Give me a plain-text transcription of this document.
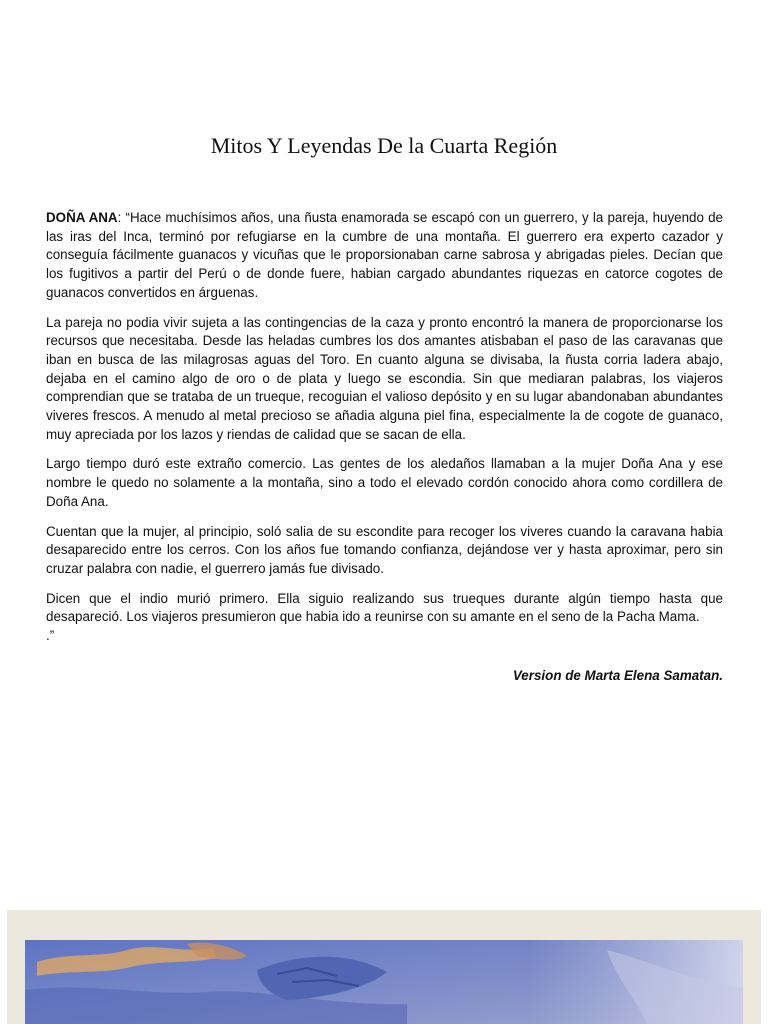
Mitos Y Leyendas De la Cuarta Región

DOÑA ANA: “Hace muchísimos años, una ñusta enamorada se escapó con un guerrero, y la pareja, huyendo de las iras del Inca, terminó por refugiarse en la cumbre de una montaña. El guerrero era experto cazador y conseguía fácilmente guanacos y vicuñas que le proporsionaban carne sabrosa y abrigadas pieles. Decían que los fugitivos a partir del Perú o de donde fuere, habian cargado abundantes riquezas en catorce cogotes de guanacos convertidos en árguenas.

La pareja no podia vivir sujeta a las contingencias de la caza y pronto encontró la manera de proporcionarse los recursos que necesitaba. Desde las heladas cumbres los dos amantes atisbaban el paso de las caravanas que iban en busca de las milagrosas aguas del Toro. En cuanto alguna se divisaba, la ñusta corria ladera abajo, dejaba en el camino algo de oro o de plata y luego se escondia. Sin que mediaran palabras, los viajeros comprendian que se trataba de un trueque, recoguian el valioso depósito y en su lugar abandonaban abundantes viveres frescos. A menudo al metal precioso se añadia alguna piel fina, especialmente la de cogote de guanaco, muy apreciada por los lazos y riendas de calidad que se sacan de ella.

Largo tiempo duró este extraño comercio. Las gentes de los aledaños llamaban a la mujer Doña Ana y ese nombre le quedo no solamente a la montaña, sino a todo el elevado cordón conocido ahora como cordillera de Doña Ana.

Cuentan que la mujer, al principio, soló salia de su escondite para recoger los viveres cuando la caravana habia desaparecido entre los cerros. Con los años fue tomando confianza, dejándose ver y hasta aproximar, pero sin cruzar palabra con nadie, el guerrero jamás fue divisado.

Dicen que el indio murió primero. Ella siguio realizando sus trueques durante algún tiempo hasta que desapareció. Los viajeros presumieron que habia ido a reunirse con su amante en el seno de la Pacha Mama.

.”

Version de Marta Elena Samatan.
